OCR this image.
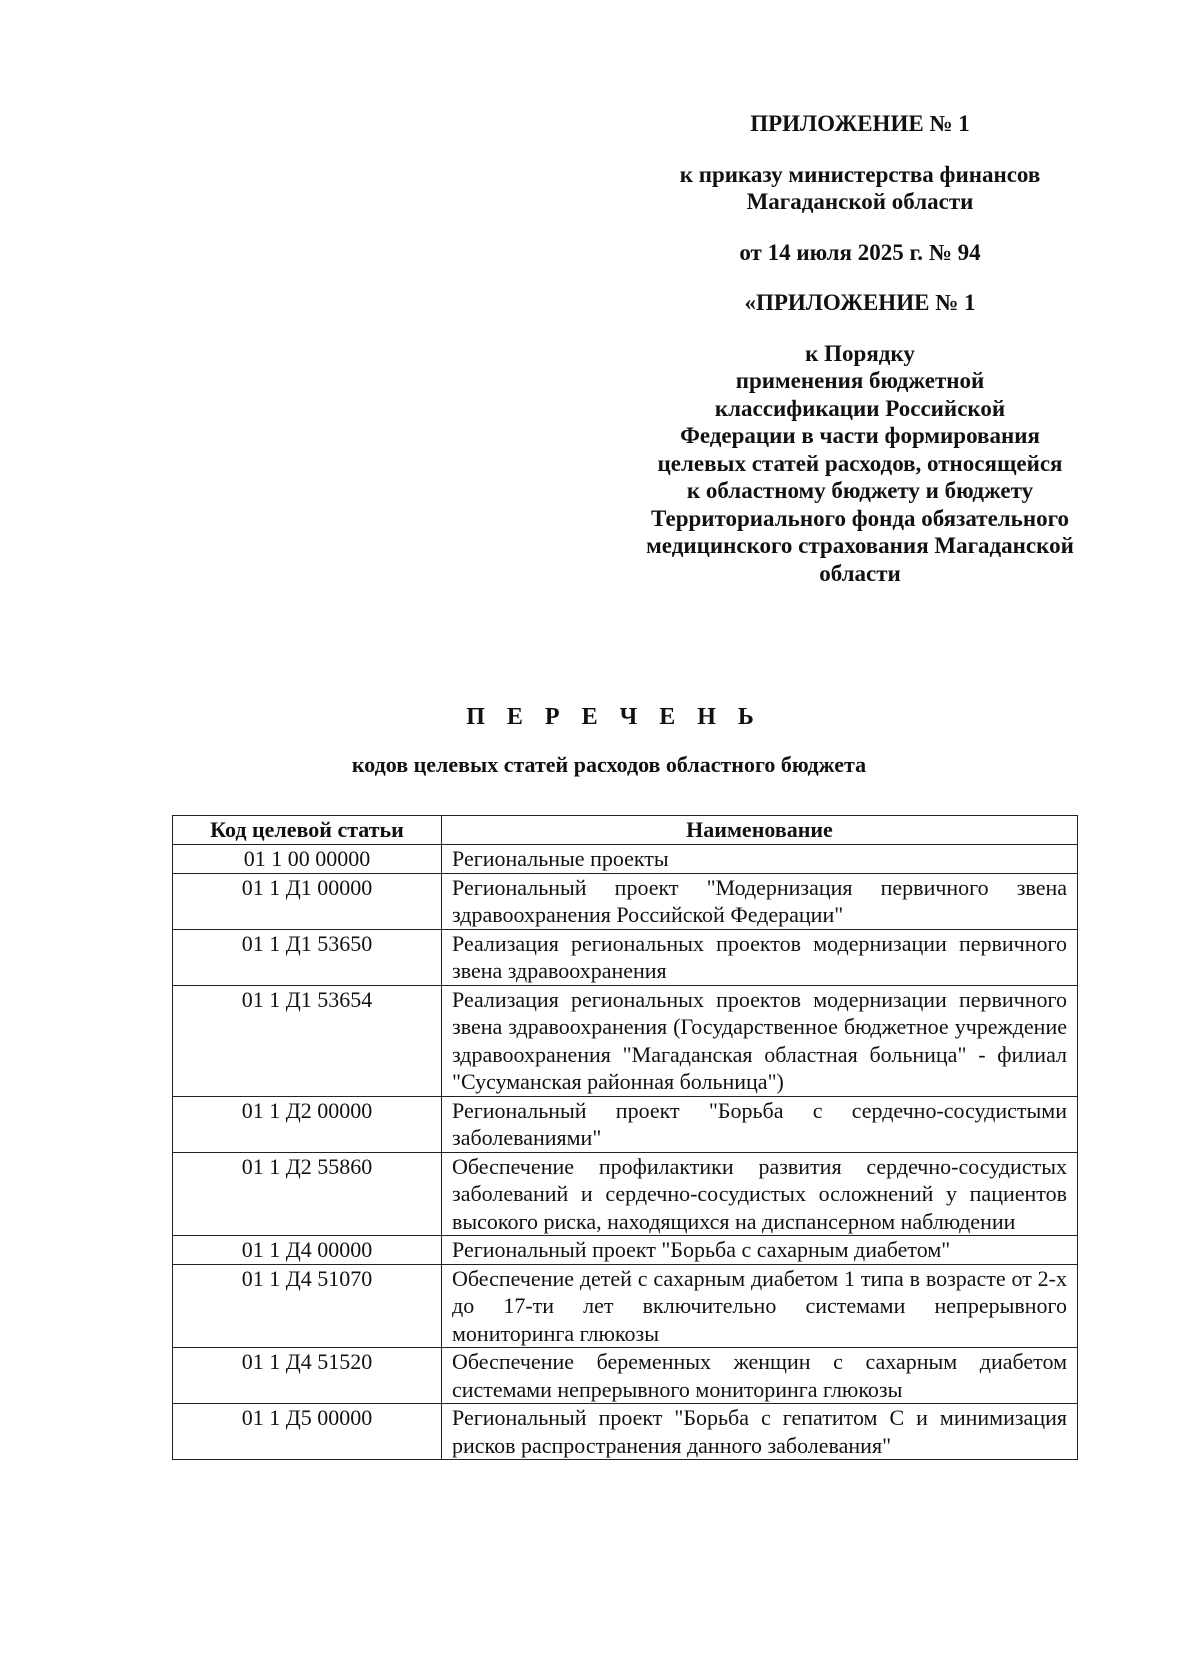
ПРИЛОЖЕНИЕ № 1
к приказу министерства финансов
Магаданской области
от 14 июля 2025 г. № 94
«ПРИЛОЖЕНИЕ № 1
к Порядку
применения бюджетной
классификации Российской
Федерации в части формирования
целевых статей расходов, относящейся
к областному бюджету и бюджету
Территориального фонда обязательного
медицинского страхования Магаданской
области
П Е Р Е Ч Е Н Ь
кодов целевых статей расходов областного бюджета
Код целевой статьи	Наименование
01 1 00 00000	Региональные проекты
01 1 Д1 00000	Региональный проект "Модернизация первичного звена здравоохранения Российской Федерации"
01 1 Д1 53650	Реализация региональных проектов модернизации первичного звена здравоохранения
01 1 Д1 53654	Реализация региональных проектов модернизации первичного звена здравоохранения (Государственное бюджетное учреждение здравоохранения "Магаданская областная больница" - филиал "Сусуманская районная больница")
01 1 Д2 00000	Региональный проект "Борьба с сердечно-сосудистыми заболеваниями"
01 1 Д2 55860	Обеспечение профилактики развития сердечно-сосудистых заболеваний и сердечно-сосудистых осложнений у пациентов высокого риска, находящихся на диспансерном наблюдении
01 1 Д4 00000	Региональный проект "Борьба с сахарным диабетом"
01 1 Д4 51070	Обеспечение детей с сахарным диабетом 1 типа в возрасте от 2-х до 17-ти лет включительно системами непрерывного мониторинга глюкозы
01 1 Д4 51520	Обеспечение беременных женщин с сахарным диабетом системами непрерывного мониторинга глюкозы
01 1 Д5 00000	Региональный проект "Борьба с гепатитом С и минимизация рисков распространения данного заболевания"
